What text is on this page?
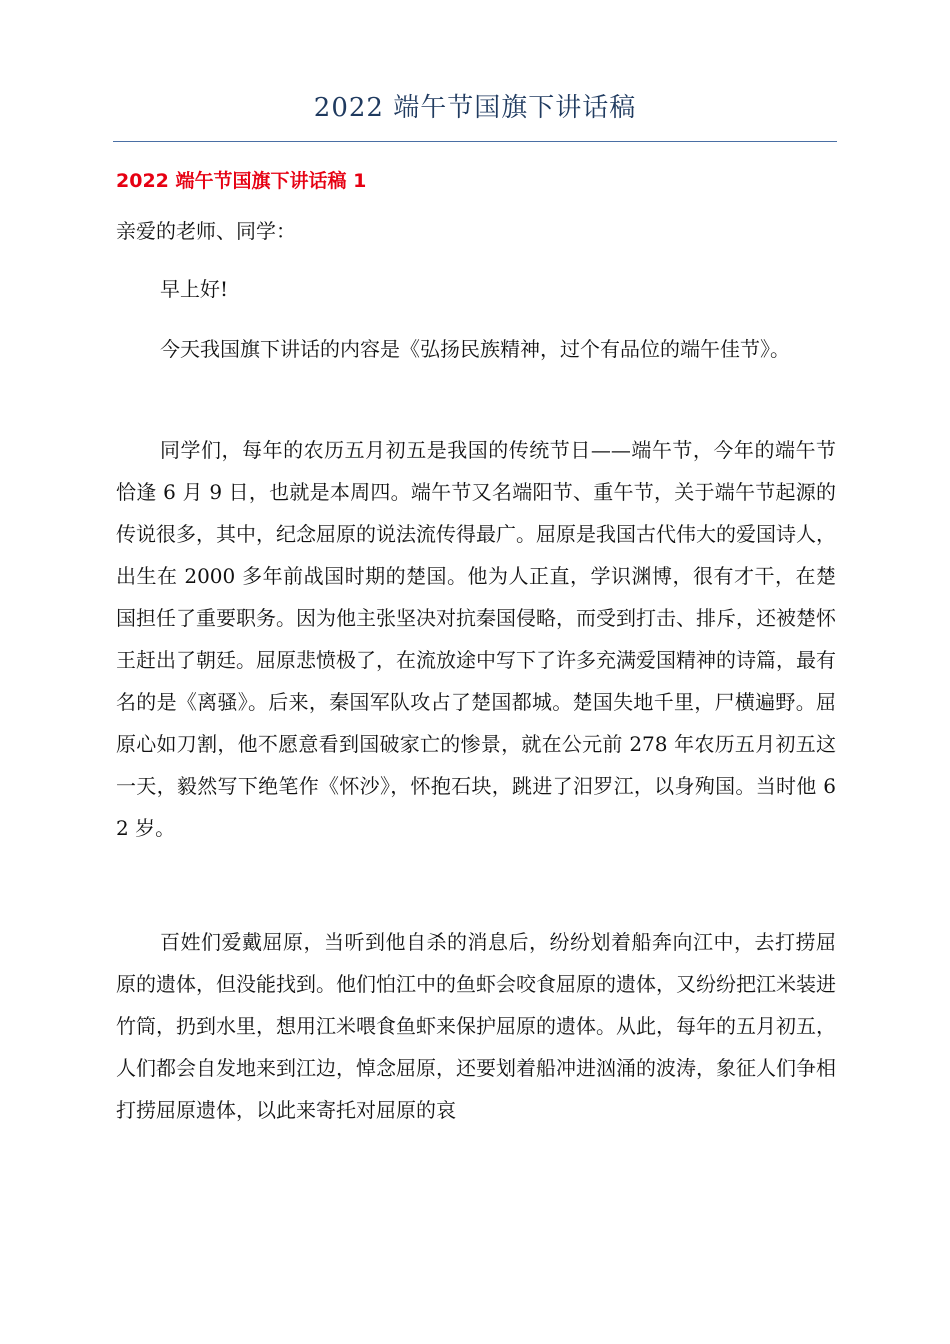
2022 端午节国旗下讲话稿
2022 端午节国旗下讲话稿 1

亲爱的老师、同学：

早上好!

今天我国旗下讲话的内容是《弘扬民族精神，过个有品位的端午佳节》。

同学们，每年的农历五月初五是我国的传统节日——端午节，今年的端午节恰逢 6 月 9 日，也就是本周四。端午节又名端阳节、重午节，关于端午节起源的传说很多，其中，纪念屈原的说法流传得最广。屈原是我国古代伟大的爱国诗人，出生在 2000 多年前战国时期的楚国。他为人正直，学识渊博，很有才干，在楚国担任了重要职务。因为他主张坚决对抗秦国侵略，而受到打击、排斥，还被楚怀王赶出了朝廷。屈原悲愤极了，在流放途中写下了许多充满爱国精神的诗篇，最有名的是《离骚》。后来，秦国军队攻占了楚国都城。楚国失地千里，尸横遍野。屈原心如刀割，他不愿意看到国破家亡的惨景，就在公元前 278 年农历五月初五这一天，毅然写下绝笔作《怀沙》，怀抱石块，跳进了汨罗江，以身殉国。当时他 62 岁。

百姓们爱戴屈原，当听到他自杀的消息后，纷纷划着船奔向江中，去打捞屈原的遗体，但没能找到。他们怕江中的鱼虾会咬食屈原的遗体，又纷纷把江米装进竹筒，扔到水里，想用江米喂食鱼虾来保护屈原的遗体。从此，每年的五月初五，人们都会自发地来到江边，悼念屈原，还要划着船冲进汹涌的波涛，象征人们争相打捞屈原遗体，以此来寄托对屈原的哀
